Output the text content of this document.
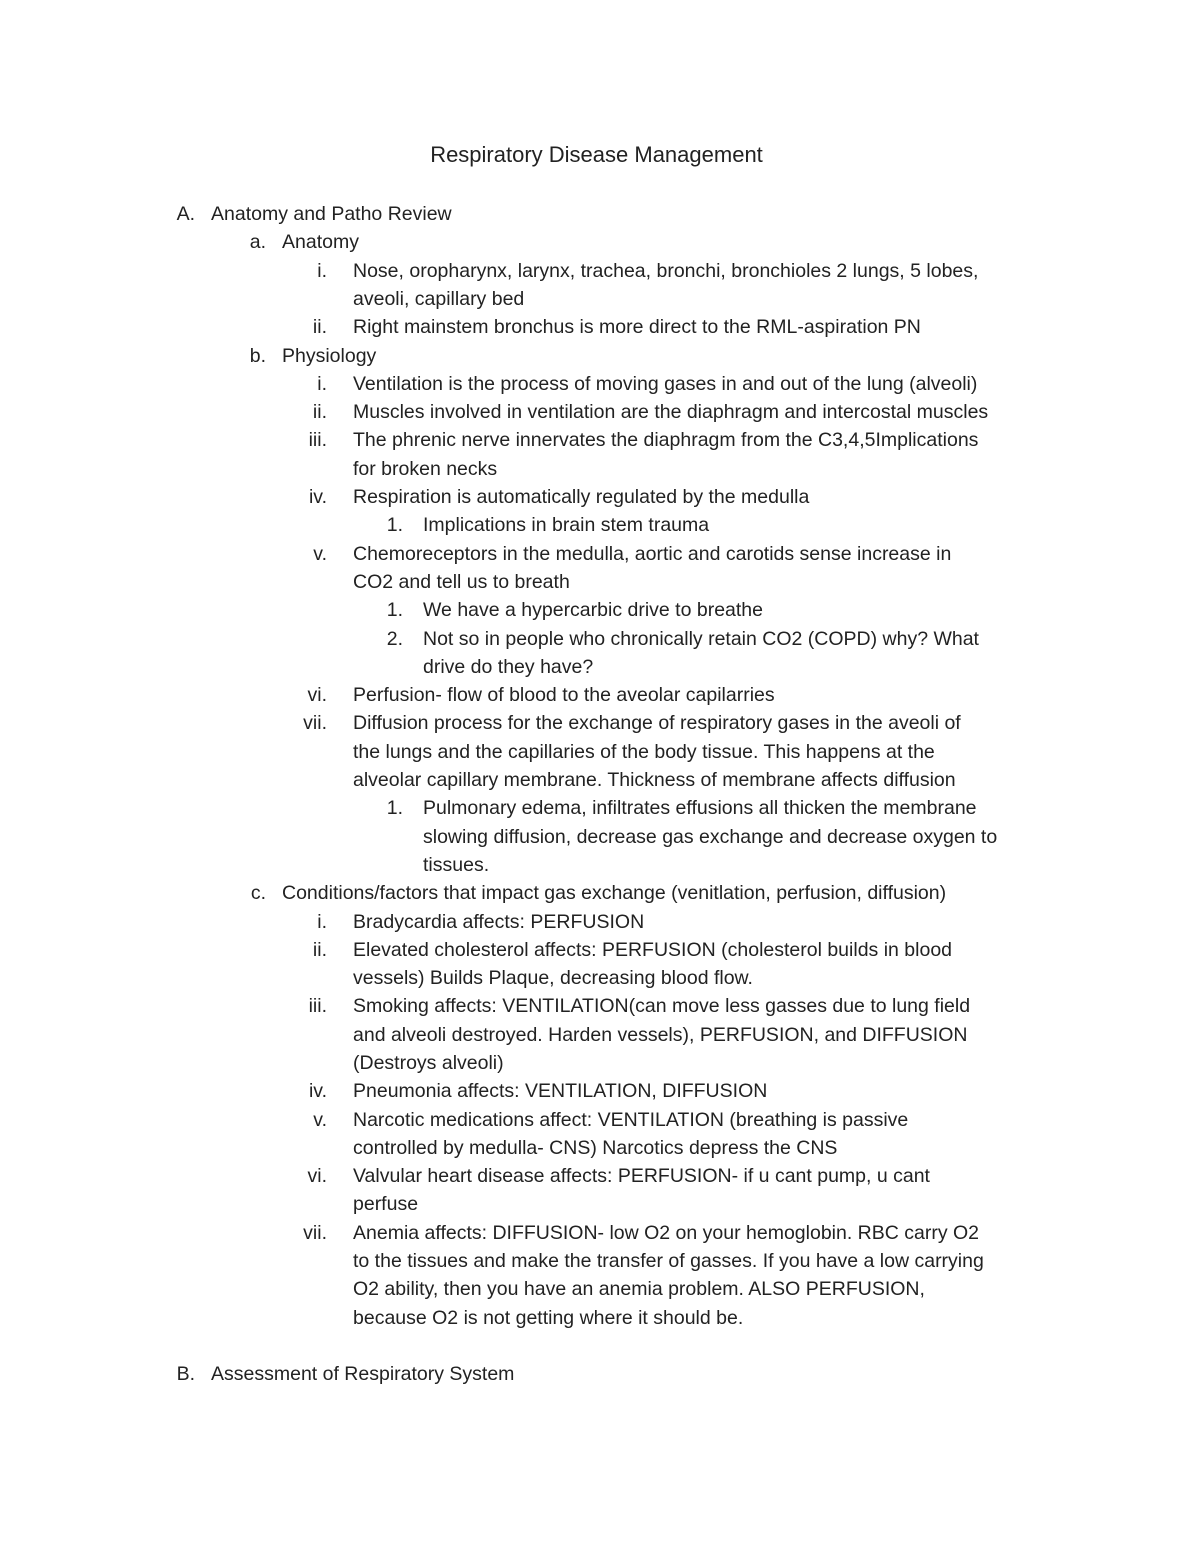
Respiratory Disease Management
A. Anatomy and Patho Review
a. Anatomy
i. Nose, oropharynx, larynx, trachea, bronchi, bronchioles 2 lungs, 5 lobes,
aveoli, capillary bed
ii. Right mainstem bronchus is more direct to the RML-aspiration PN
b. Physiology
i. Ventilation is the process of moving gases in and out of the lung (alveoli)
ii. Muscles involved in ventilation are the diaphragm and intercostal muscles
iii. The phrenic nerve innervates the diaphragm from the C3,4,5Implications
for broken necks
iv. Respiration is automatically regulated by the medulla
1. Implications in brain stem trauma
v. Chemoreceptors in the medulla, aortic and carotids sense increase in
CO2 and tell us to breath
1. We have a hypercarbic drive to breathe
2. Not so in people who chronically retain CO2 (COPD) why? What
drive do they have?
vi. Perfusion- flow of blood to the aveolar capilarries
vii. Diffusion process for the exchange of respiratory gases in the aveoli of
the lungs and the capillaries of the body tissue. This happens at the
alveolar capillary membrane. Thickness of membrane affects diffusion
1. Pulmonary edema, infiltrates effusions all thicken the membrane
slowing diffusion, decrease gas exchange and decrease oxygen to
tissues.
c. Conditions/factors that impact gas exchange (venitlation, perfusion, diffusion)
i. Bradycardia affects: PERFUSION
ii. Elevated cholesterol affects: PERFUSION (cholesterol builds in blood
vessels) Builds Plaque, decreasing blood flow.
iii. Smoking affects: VENTILATION(can move less gasses due to lung field
and alveoli destroyed. Harden vessels), PERFUSION, and DIFFUSION
(Destroys alveoli)
iv. Pneumonia affects: VENTILATION, DIFFUSION
v. Narcotic medications affect: VENTILATION (breathing is passive
controlled by medulla- CNS) Narcotics depress the CNS
vi. Valvular heart disease affects: PERFUSION- if u cant pump, u cant
perfuse
vii. Anemia affects: DIFFUSION- low O2 on your hemoglobin. RBC carry O2
to the tissues and make the transfer of gasses. If you have a low carrying
O2 ability, then you have an anemia problem. ALSO PERFUSION,
because O2 is not getting where it should be.
B. Assessment of Respiratory System
